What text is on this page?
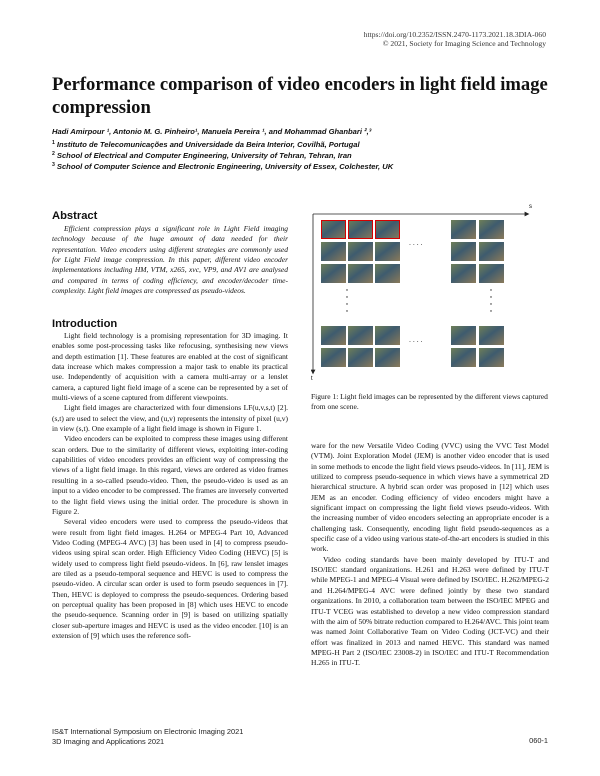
https://doi.org/10.2352/ISSN.2470-1173.2021.18.3DIA-060
© 2021, Society for Imaging Science and Technology
Performance comparison of video encoders in light field image compression
Hadi Amirpour ¹, Antonio M. G. Pinheiro¹, Manuela Pereira ¹, and Mohammad Ghanbari ²,³
$^1$ Instituto de Telecomunicações and Universidade da Beira Interior, Covilhã, Portugal
$^2$ School of Electrical and Computer Engineering, University of Tehran, Tehran, Iran
$^3$ School of Computer Science and Electronic Engineering, University of Essex, Colchester, UK
Abstract

Efficient compression plays a significant role in Light Field imaging technology because of the huge amount of data needed for their representation. Video encoders using different strategies are commonly used for Light Field image compression. In this paper, different video encoder implementations including HM, VTM, x265, xvc, VP9, and AV1 are analysed and compared in terms of coding efficiency, and encoder/decoder time-complexity. Light field images are compressed as pseudo-videos.

Introduction

Light field technology is a promising representation for 3D imaging. It enables some post-processing tasks like refocusing, synthesising new views and depth estimation [1]. These features are enabled at the cost of significant data increase which makes compression a major task to enable its practical use. Independently of acquisition with a camera multi-array or a lenslet camera, a captured light field image of a scene can be represented by a set of multi-views of a scene captured from different viewpoints.

Light field images are characterized with four dimensions LF(u,v,s,t) [2]. (s,t) are used to select the view, and (u,v) represents the intensity of pixel (u,v) in view (s,t). One example of a light field image is shown in Figure 1.

Video encoders can be exploited to compress these images using different scan orders. Due to the similarity of different views, exploiting inter-coding capabilities of video encoders provides an efficient way of compressing the views of a light field image. In this regard, views are ordered as video frames resulting in a so-called pseudo-video. Then, the pseudo-video is used as an input to a video encoder to be compressed. The frames are inversely converted to the light field views using the initial order. The procedure is shown in Figure 2.

Several video encoders were used to compress the pseudo-videos that were result from light field images. H.264 or MPEG-4 Part 10, Advanced Video Coding (MPEG-4 AVC) [3] has been used in [4] to compress pseudo-videos using spiral scan order. High Efficiency Video Coding (HEVC) [5] is widely used to compress light field pseudo-videos. In [6], raw lenslet images are tiled as a pseudo-temporal sequence and HEVC is used to compress the pseudo-video. A circular scan order is used to form pseudo sequences in [7]. Then, HEVC is deployed to compress the pseudo-sequences. Ordering based on perceptual quality has been proposed in [8] which uses HEVC to encode the pseudo-sequence. Scanning order in [9] is based on utilizing spatially closer sub-aperture images and HEVC is used as the video encoder. [10] is an extension of [9] which uses the reference soft-

s
t
. . . .
. . . .

Figure 1: Light field images can be represented by the different views captured from one scene.

ware for the new Versatile Video Coding (VVC) using the VVC Test Model (VTM). Joint Exploration Model (JEM) is another video encoder that is used in some methods to encode the light field views pseudo-videos. In [11], JEM is utilized to compress pseudo-sequence in which views have a symmetrical 2D hierarchical structure. A hybrid scan order was proposed in [12] which uses JEM as an encoder. Coding efficiency of video encoders might have a significant impact on compressing the light field views pseudo-videos. With the increasing number of video encoders selecting an appropriate encoder is a challenging task. Consequently, encoding light field pseudo-sequences as a specific case of a video using various state-of-the-art encoders is studied in this work.

Video coding standards have been mainly developed by ITU-T and ISO/IEC standard organizations. H.261 and H.263 were defined by ITU-T while MPEG-1 and MPEG-4 Visual were defined by ISO/IEC. H.262/MPEG-2 and H.264/MPEG-4 AVC were defined jointly by these two standard organizations. In 2010, a collaboration team between the ISO/IEC MPEG and ITU-T VCEG was established to develop a new video compression standard with the aim of 50% bitrate reduction compared to H.264/AVC. This joint team was named Joint Collaborative Team on Video Coding (JCT-VC) and their effort was finalized in 2013 and named HEVC. This standard was named MPEG-H Part 2 (ISO/IEC 23008-2) in ISO/IEC and ITU-T Recommendation H.265 in ITU-T.

IS&T International Symposium on Electronic Imaging 2021
3D Imaging and Applications 2021	060-1
